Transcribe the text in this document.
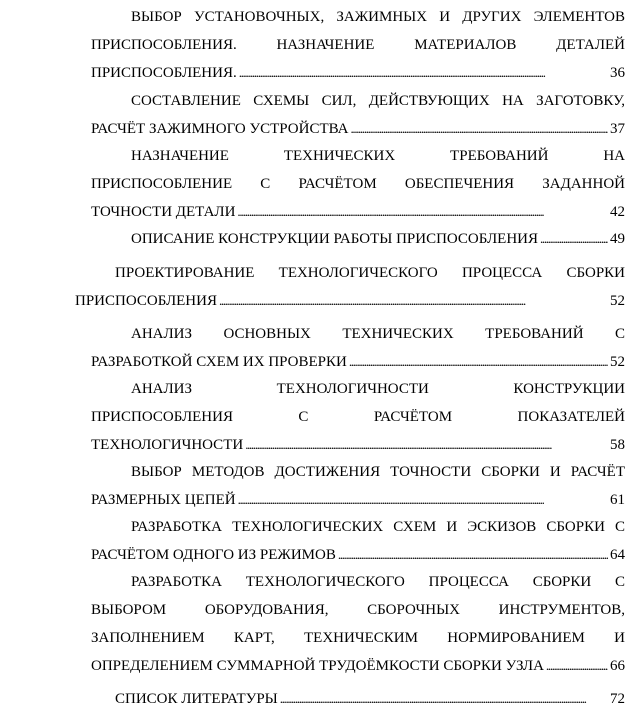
ВЫБОР УСТАНОВОЧНЫХ, ЗАЖИМНЫХ И ДРУГИХ ЭЛЕМЕНТОВ
ПРИСПОСОБЛЕНИЯ. НАЗНАЧЕНИЕ МАТЕРИАЛОВ ДЕТАЛЕЙ
ПРИСПОСОБЛЕНИЯ. . . .	36
СОСТАВЛЕНИЕ СХЕМЫ СИЛ, ДЕЙСТВУЮЩИХ НА ЗАГОТОВКУ,
РАСЧЁТ ЗАЖИМНОГО УСТРОЙСТВА . . .	37
НАЗНАЧЕНИЕ ТЕХНИЧЕСКИХ ТРЕБОВАНИЙ НА
ПРИСПОСОБЛЕНИЕ С РАСЧЁТОМ ОБЕСПЕЧЕНИЯ ЗАДАННОЙ
ТОЧНОСТИ ДЕТАЛИ . . .	42
ОПИСАНИЕ КОНСТРУКЦИИ РАБОТЫ ПРИСПОСОБЛЕНИЯ . . .	49
ПРОЕКТИРОВАНИЕ ТЕХНОЛОГИЧЕСКОГО ПРОЦЕССА СБОРКИ
ПРИСПОСОБЛЕНИЯ . . .	52
АНАЛИЗ ОСНОВНЫХ ТЕХНИЧЕСКИХ ТРЕБОВАНИЙ С
РАЗРАБОТКОЙ СХЕМ ИХ ПРОВЕРКИ . . .	52
АНАЛИЗ ТЕХНОЛОГИЧНОСТИ КОНСТРУКЦИИ
ПРИСПОСОБЛЕНИЯ С РАСЧЁТОМ ПОКАЗАТЕЛЕЙ
ТЕХНОЛОГИЧНОСТИ . . .	58
ВЫБОР МЕТОДОВ ДОСТИЖЕНИЯ ТОЧНОСТИ СБОРКИ И РАСЧЁТ
РАЗМЕРНЫХ ЦЕПЕЙ . . .	61
РАЗРАБОТКА ТЕХНОЛОГИЧЕСКИХ СХЕМ И ЭСКИЗОВ СБОРКИ С
РАСЧЁТОМ ОДНОГО ИЗ РЕЖИМОВ . . .	64
РАЗРАБОТКА ТЕХНОЛОГИЧЕСКОГО ПРОЦЕССА СБОРКИ С
ВЫБОРОМ ОБОРУДОВАНИЯ, СБОРОЧНЫХ ИНСТРУМЕНТОВ,
ЗАПОЛНЕНИЕМ КАРТ, ТЕХНИЧЕСКИМ НОРМИРОВАНИЕМ И
ОПРЕДЕЛЕНИЕМ СУММАРНОЙ ТРУДОЁМКОСТИ СБОРКИ УЗЛА . . .	66
СПИСОК ЛИТЕРАТУРЫ . . .	72
